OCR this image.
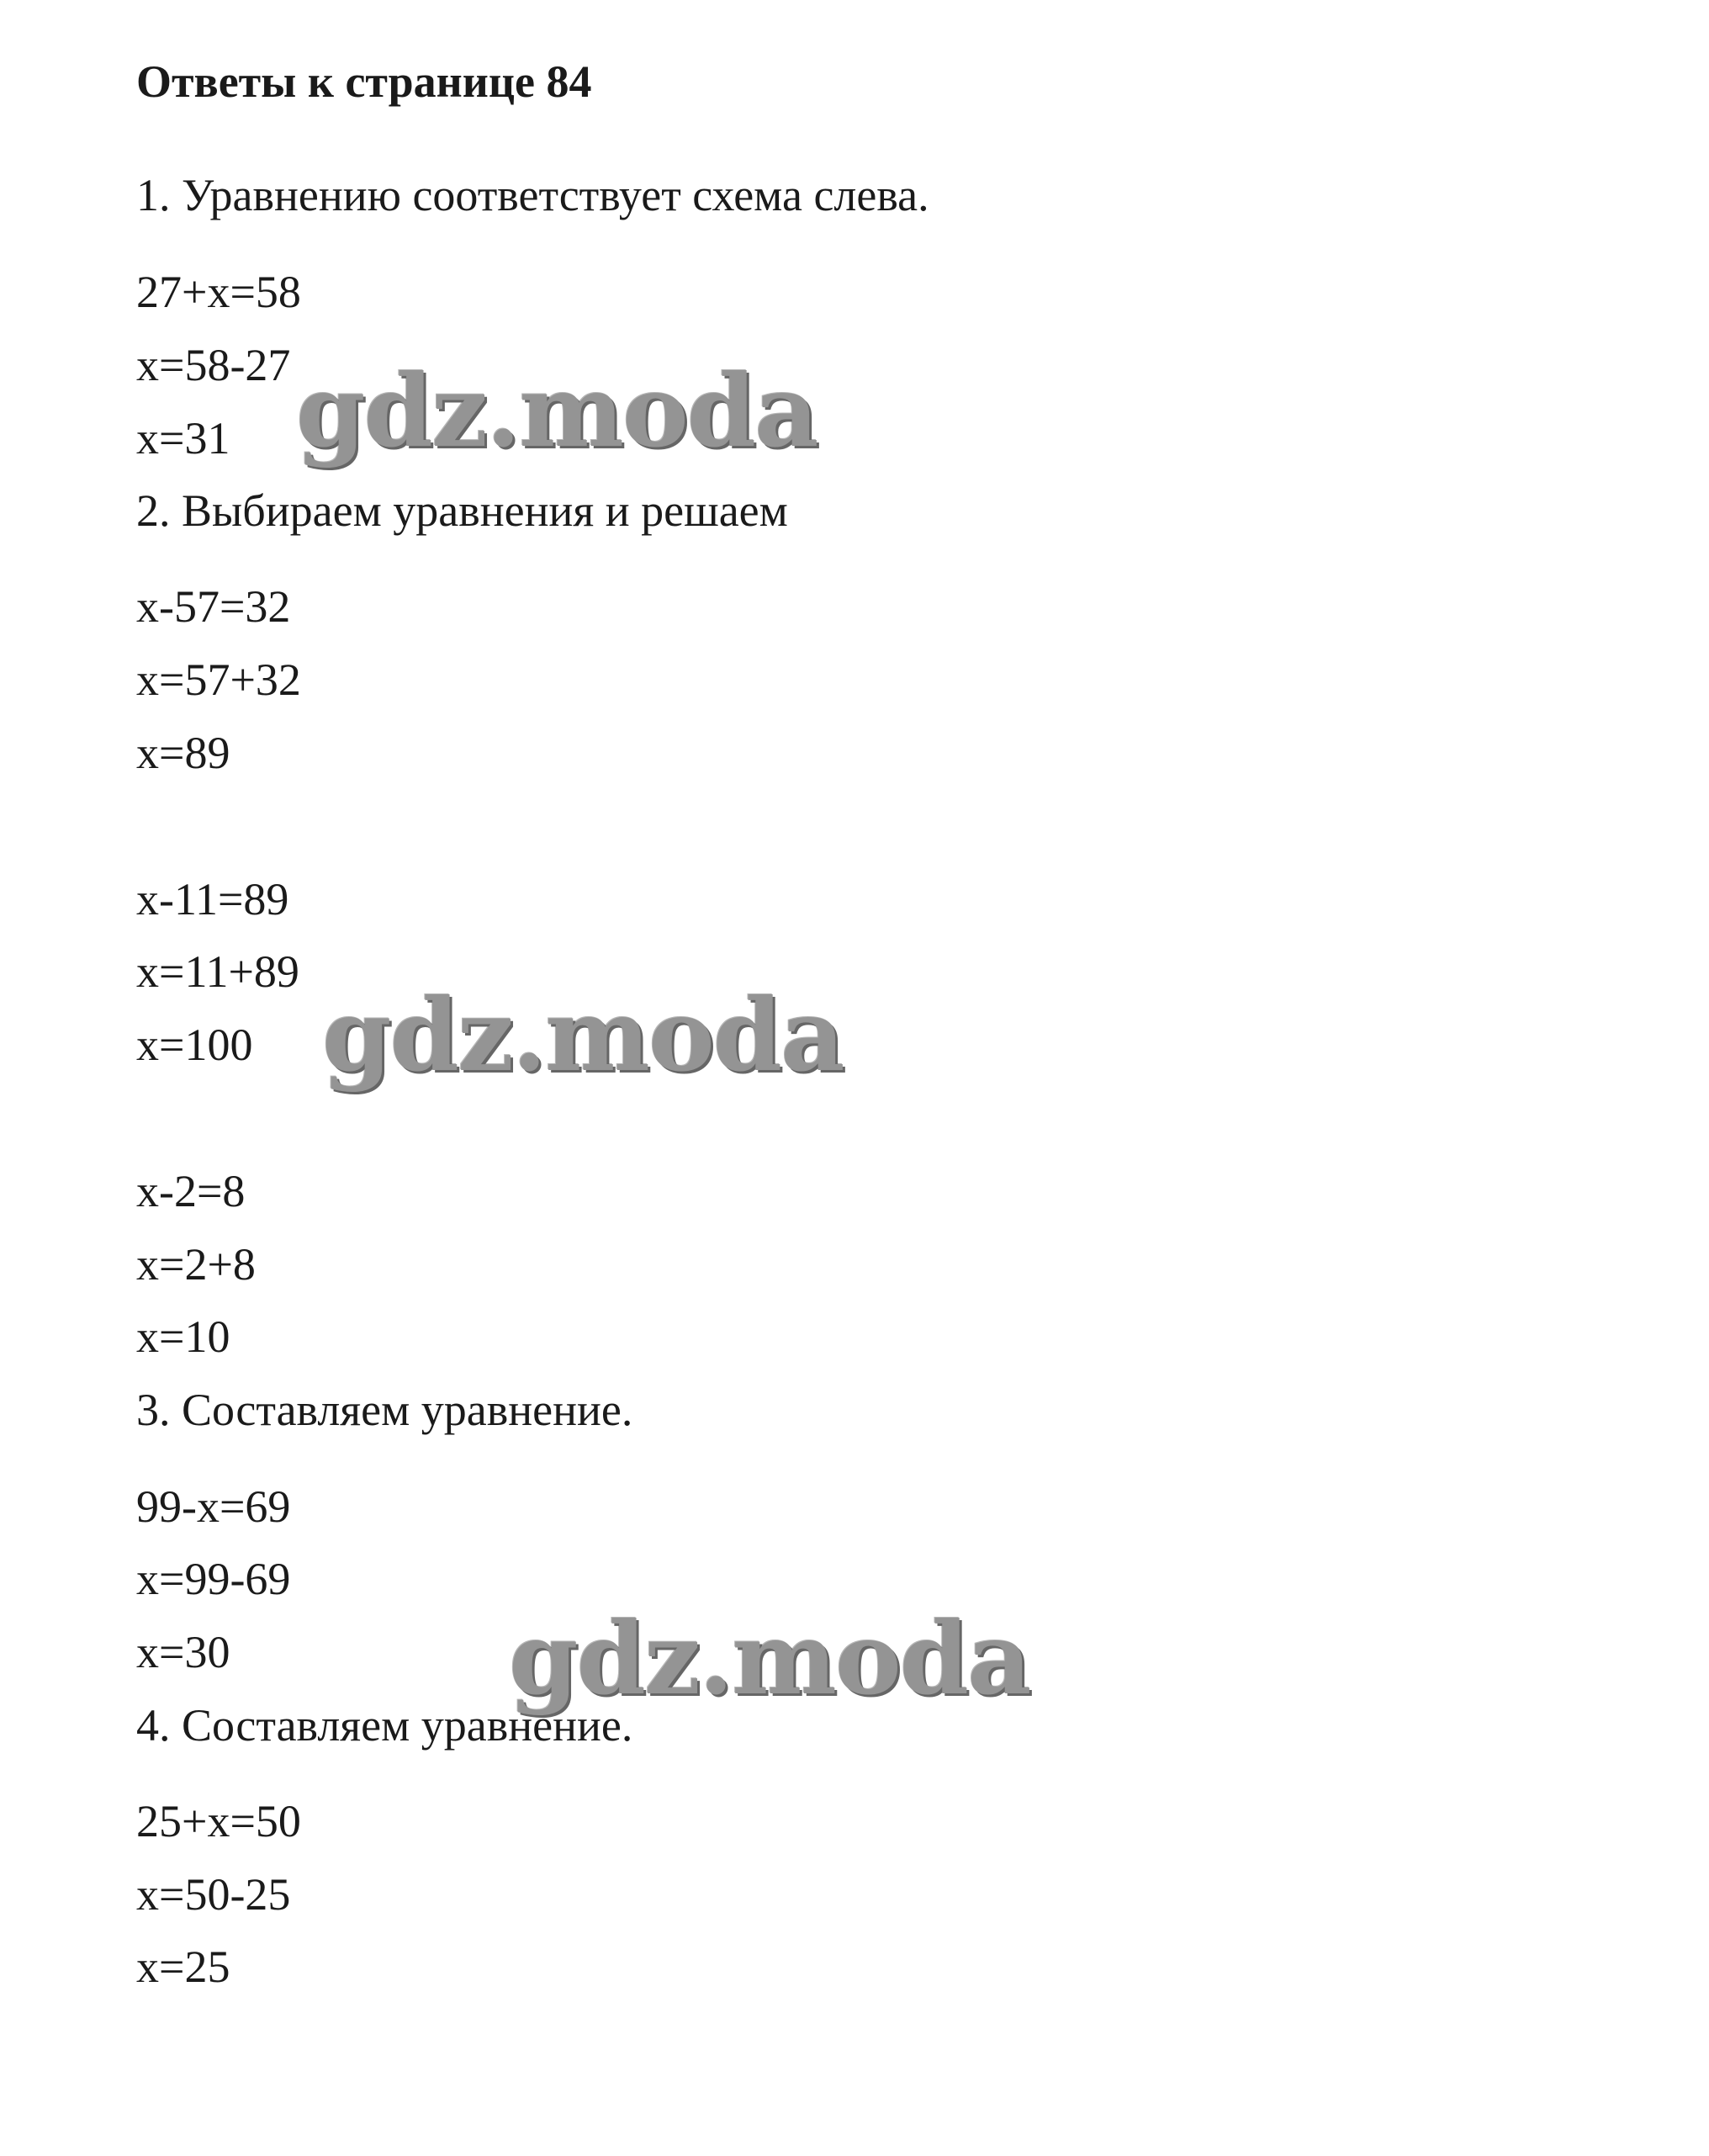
Ответы к странице 84
1. Уравнению соответствует схема слева.
27+x=58
x=58-27
x=31
2. Выбираем уравнения и решаем
x-57=32
x=57+32
x=89
x-11=89
x=11+89
x=100
x-2=8
x=2+8
x=10
3. Составляем уравнение.
99-x=69
x=99-69
x=30
4. Составляем уравнение.
25+x=50
x=50-25
x=25
gdz.moda
gdz.moda
gdz.moda
